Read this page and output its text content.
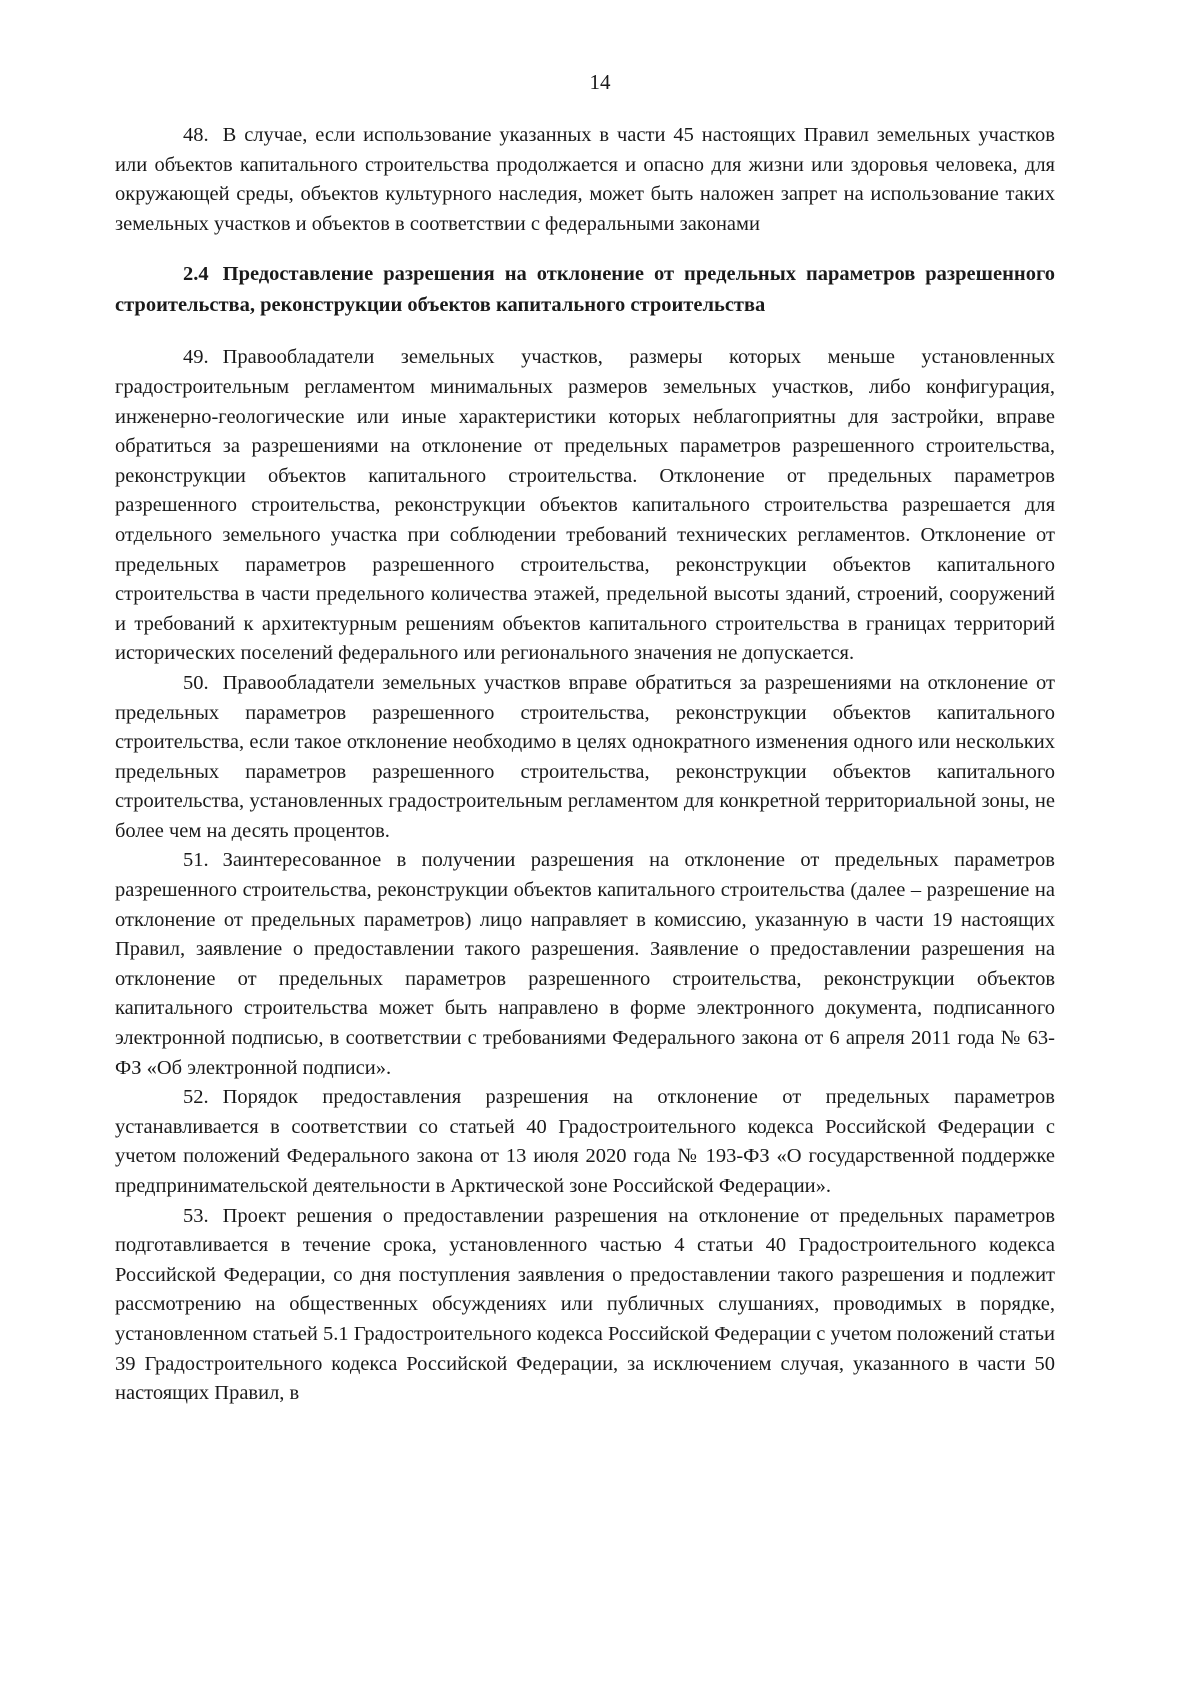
14

48. В случае, если использование указанных в части 45 настоящих Правил земельных участков или объектов капитального строительства продолжается и опасно для жизни или здоровья человека, для окружающей среды, объектов культурного наследия, может быть наложен запрет на использование таких земельных участков и объектов в соответствии с федеральными законами

2.4 Предоставление разрешения на отклонение от предельных параметров разрешенного строительства, реконструкции объектов капитального строительства

49. Правообладатели земельных участков, размеры которых меньше установленных градостроительным регламентом минимальных размеров земельных участков, либо конфигурация, инженерно-геологические или иные характеристики которых неблагоприятны для застройки, вправе обратиться за разрешениями на отклонение от предельных параметров разрешенного строительства, реконструкции объектов капитального строительства. Отклонение от предельных параметров разрешенного строительства, реконструкции объектов капитального строительства разрешается для отдельного земельного участка при соблюдении требований технических регламентов. Отклонение от предельных параметров разрешенного строительства, реконструкции объектов капитального строительства в части предельного количества этажей, предельной высоты зданий, строений, сооружений и требований к архитектурным решениям объектов капитального строительства в границах территорий исторических поселений федерального или регионального значения не допускается.

50. Правообладатели земельных участков вправе обратиться за разрешениями на отклонение от предельных параметров разрешенного строительства, реконструкции объектов капитального строительства, если такое отклонение необходимо в целях однократного изменения одного или нескольких предельных параметров разрешенного строительства, реконструкции объектов капитального строительства, установленных градостроительным регламентом для конкретной территориальной зоны, не более чем на десять процентов.

51. Заинтересованное в получении разрешения на отклонение от предельных параметров разрешенного строительства, реконструкции объектов капитального строительства (далее – разрешение на отклонение от предельных параметров) лицо направляет в комиссию, указанную в части 19 настоящих Правил, заявление о предоставлении такого разрешения. Заявление о предоставлении разрешения на отклонение от предельных параметров разрешенного строительства, реконструкции объектов капитального строительства может быть направлено в форме электронного документа, подписанного электронной подписью, в соответствии с требованиями Федерального закона от 6 апреля 2011 года № 63-ФЗ «Об электронной подписи».

52. Порядок предоставления разрешения на отклонение от предельных параметров устанавливается в соответствии со статьей 40 Градостроительного кодекса Российской Федерации с учетом положений Федерального закона от 13 июля 2020 года № 193-ФЗ «О государственной поддержке предпринимательской деятельности в Арктической зоне Российской Федерации».

53. Проект решения о предоставлении разрешения на отклонение от предельных параметров подготавливается в течение срока, установленного частью 4 статьи 40 Градостроительного кодекса Российской Федерации, со дня поступления заявления о предоставлении такого разрешения и подлежит рассмотрению на общественных обсуждениях или публичных слушаниях, проводимых в порядке, установленном статьей 5.1 Градостроительного кодекса Российской Федерации с учетом положений статьи 39 Градостроительного кодекса Российской Федерации, за исключением случая, указанного в части 50 настоящих Правил, в
